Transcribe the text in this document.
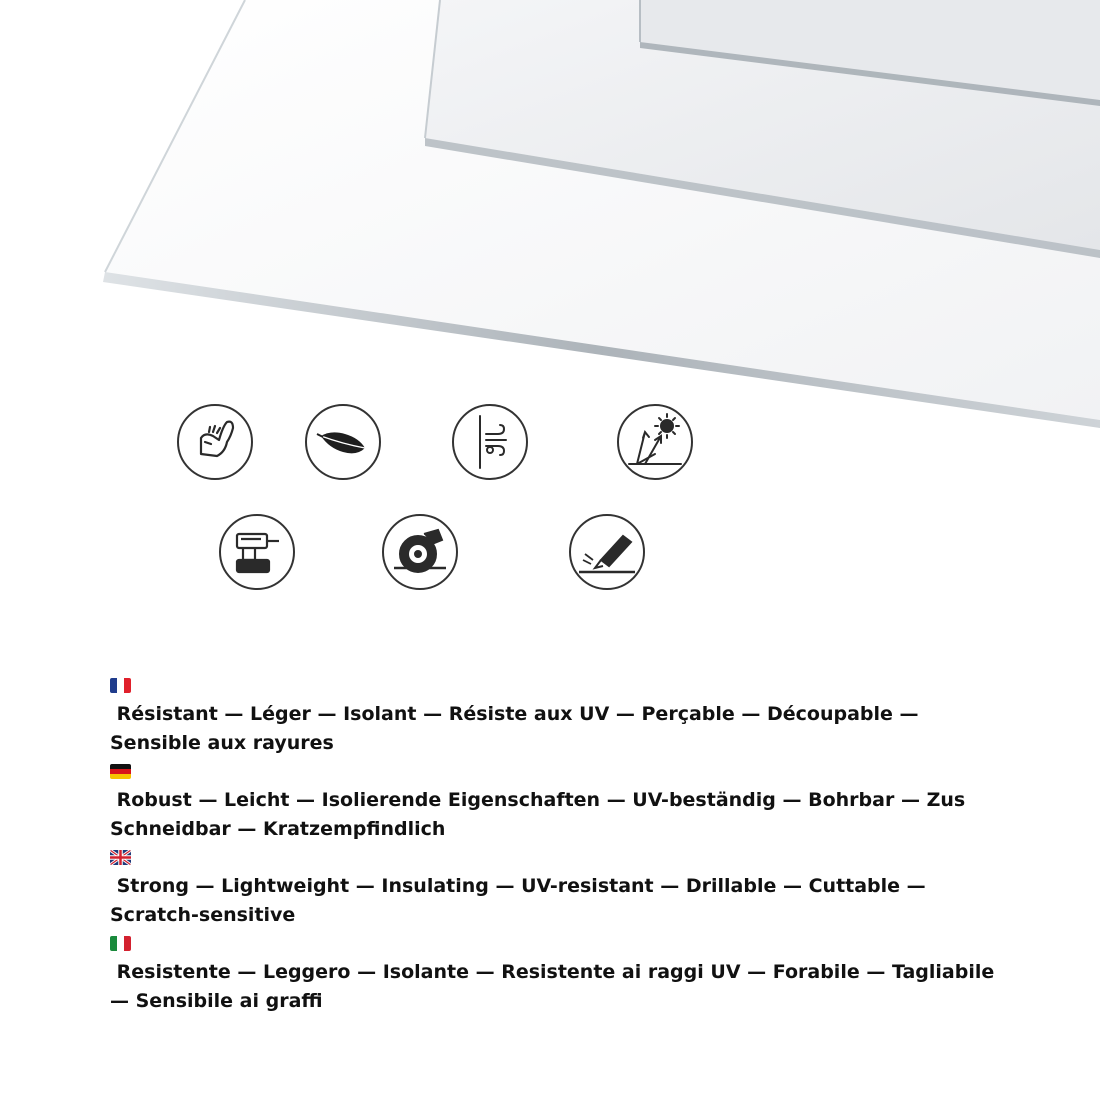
Résistant — Léger — Isolant — Résiste aux UV — Perçable — Découpable — Sensible aux rayures

Robust — Leicht — Isolierende Eigenschaften — UV-beständig — Bohrbar — Zus Schneidbar — Kratzempfindlich

Strong — Lightweight — Insulating — UV-resistant — Drillable — Cuttable — Scratch-sensitive

Resistente — Leggero — Isolante — Resistente ai raggi UV — Forabile — Tagliabile — Sensibile ai graffi
